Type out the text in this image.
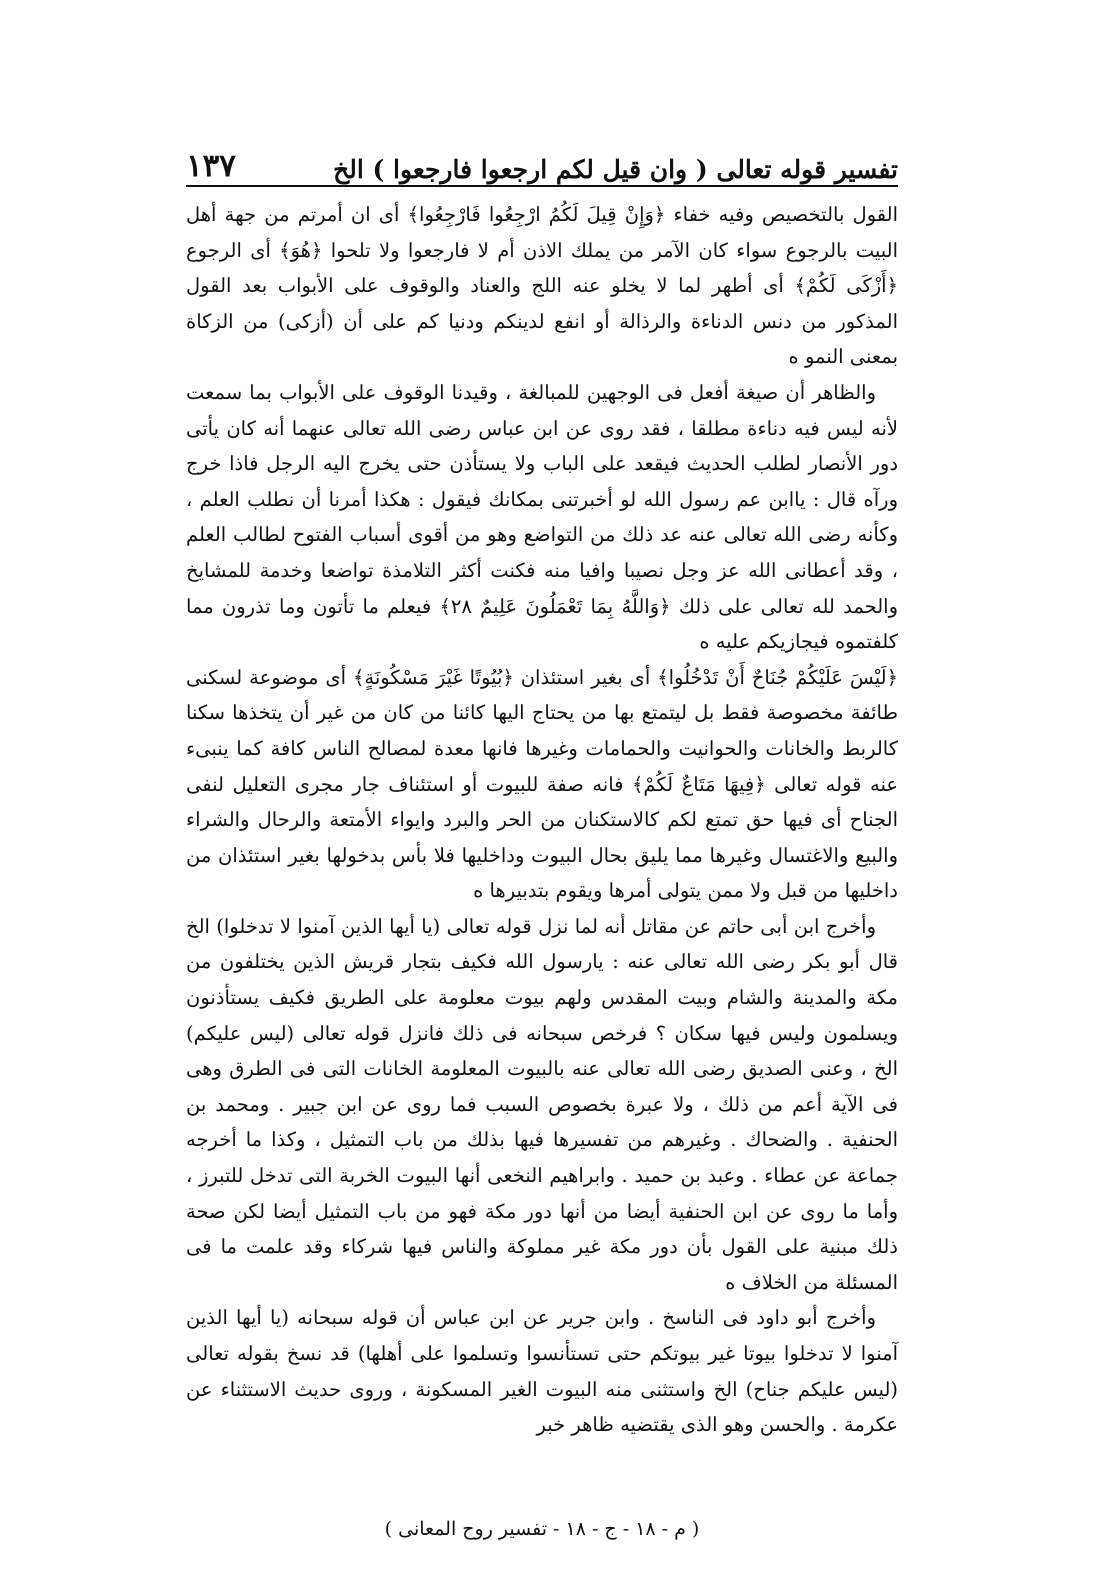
تفسير قوله تعالى ( وان قيل لكم ارجعوا فارجعوا ) الخ
١٣٧

القول بالتخصيص وفيه خفاء ﴿وَإِنْ قِيلَ لَكُمُ ارْجِعُوا فَارْجِعُوا﴾ أى ان أمرتم من جهة أهل البيت بالرجوع سواء كان الآمر من يملك الاذن أم لا فارجعوا ولا تلحوا ﴿هُوَ﴾ أى الرجوع ﴿أَزْكَى لَكُمْ﴾ أى أطهر لما لا يخلو عنه اللج والعناد والوقوف على الأبواب بعد القول المذكور من دنس الدناءة والرذالة أو انفع لدينكم ودنيا كم على أن (أزكى) من الزكاة بمعنى النمو ه

والظاهر أن صيغة أفعل فى الوجهين للمبالغة ، وقيدنا الوقوف على الأبواب بما سمعت لأنه ليس فيه دناءة مطلقا ، فقد روى عن ابن عباس رضى الله تعالى عنهما أنه كان يأتى دور الأنصار لطلب الحديث فيقعد على الباب ولا يستأذن حتى يخرج اليه الرجل فاذا خرج ورآه قال : ياابن عم رسول الله لو أخبرتنى بمكانك فيقول : هكذا أمرنا أن نطلب العلم ، وكأنه رضى الله تعالى عنه عد ذلك من التواضع وهو من أقوى أسباب الفتوح لطالب العلم ، وقد أعطانى الله عز وجل نصيبا وافيا منه فكنت أكثر التلامذة تواضعا وخدمة للمشايخ والحمد لله تعالى على ذلك ﴿وَاللَّهُ بِمَا تَعْمَلُونَ عَلِيمٌ ٢٨﴾ فيعلم ما تأتون وما تذرون مما كلفتموه فيجازيكم عليه ه

﴿لَيْسَ عَلَيْكُمْ جُنَاحٌ أَنْ تَدْخُلُوا﴾ أى بغير استئذان ﴿بُيُوتًا غَيْرَ مَسْكُونَةٍ﴾ أى موضوعة لسكنى طائفة مخصوصة فقط بل ليتمتع بها من يحتاج اليها كائنا من كان من غير أن يتخذها سكنا كالربط والخانات والحوانيت والحمامات وغيرها فانها معدة لمصالح الناس كافة كما ينبىء عنه قوله تعالى ﴿فِيهَا مَتَاعٌ لَكُمْ﴾ فانه صفة للبيوت أو استئناف جار مجرى التعليل لنفى الجناح أى فيها حق تمتع لكم كالاستكنان من الحر والبرد وايواء الأمتعة والرحال والشراء والبيع والاغتسال وغيرها مما يليق بحال البيوت وداخليها فلا بأس بدخولها بغير استئذان من داخليها من قبل ولا ممن يتولى أمرها ويقوم بتدبيرها ه

وأخرج ابن أبى حاتم عن مقاتل أنه لما نزل قوله تعالى (يا أيها الذين آمنوا لا تدخلوا) الخ قال أبو بكر رضى الله تعالى عنه : يارسول الله فكيف بتجار قريش الذين يختلفون من مكة والمدينة والشام وبيت المقدس ولهم بيوت معلومة على الطريق فكيف يستأذنون ويسلمون وليس فيها سكان ؟ فرخص سبحانه فى ذلك فانزل قوله تعالى (ليس عليكم) الخ ، وعنى الصديق رضى الله تعالى عنه بالبيوت المعلومة الخانات التى فى الطرق وهى فى الآية أعم من ذلك ، ولا عبرة بخصوص السبب فما روى عن ابن جبير . ومحمد بن الحنفية . والضحاك . وغيرهم من تفسيرها فيها بذلك من باب التمثيل ، وكذا ما أخرجه جماعة عن عطاء . وعبد بن حميد . وابراهيم النخعى أنها البيوت الخربة التى تدخل للتبرز ، وأما ما روى عن ابن الحنفية أيضا من أنها دور مكة فهو من باب التمثيل أيضا لكن صحة ذلك مبنية على القول بأن دور مكة غير مملوكة والناس فيها شركاء وقد علمت ما فى المسئلة من الخلاف ه

وأخرج أبو داود فى الناسخ . وابن جرير عن ابن عباس أن قوله سبحانه (يا أيها الذين آمنوا لا تدخلوا بيوتا غير بيوتكم حتى تستأنسوا وتسلموا على أهلها) قد نسخ بقوله تعالى (ليس عليكم جناح) الخ واستثنى منه البيوت الغير المسكونة ، وروى حديث الاستثناء عن عكرمة . والحسن وهو الذى يقتضيه ظاهر خبر

( م - ١٨ - ج - ١٨ - تفسير روح المعانى )
